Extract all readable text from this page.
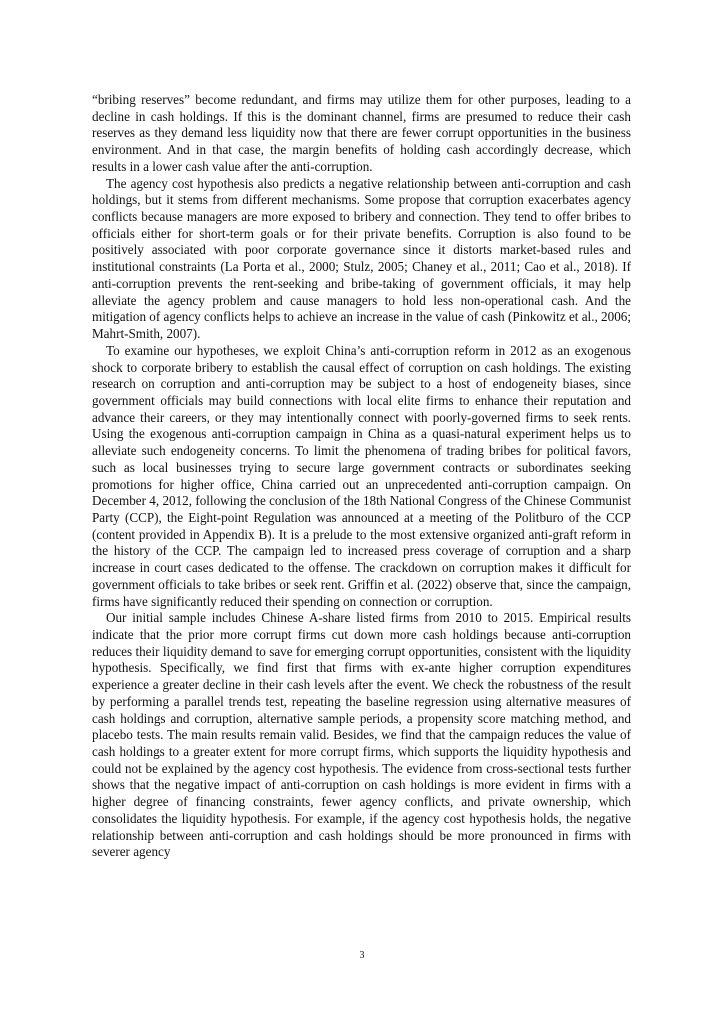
“bribing reserves” become redundant, and firms may utilize them for other purposes, leading to a decline in cash holdings. If this is the dominant channel, firms are presumed to reduce their cash reserves as they demand less liquidity now that there are fewer corrupt opportunities in the business environment. And in that case, the margin benefits of holding cash accordingly decrease, which results in a lower cash value after the anti-corruption.

The agency cost hypothesis also predicts a negative relationship between anti-corruption and cash holdings, but it stems from different mechanisms. Some propose that corruption exacerbates agency conflicts because managers are more exposed to bribery and connection. They tend to offer bribes to officials either for short-term goals or for their private benefits. Corruption is also found to be positively associated with poor corporate governance since it distorts market-based rules and institutional constraints (La Porta et al., 2000; Stulz, 2005; Chaney et al., 2011; Cao et al., 2018). If anti-corruption prevents the rent-seeking and bribe-taking of government officials, it may help alleviate the agency problem and cause managers to hold less non-operational cash. And the mitigation of agency conflicts helps to achieve an increase in the value of cash (Pinkowitz et al., 2006; Mahrt-Smith, 2007).

To examine our hypotheses, we exploit China’s anti-corruption reform in 2012 as an exogenous shock to corporate bribery to establish the causal effect of corruption on cash holdings. The existing research on corruption and anti-corruption may be subject to a host of endogeneity biases, since government officials may build connections with local elite firms to enhance their reputation and advance their careers, or they may intentionally connect with poorly-governed firms to seek rents. Using the exogenous anti-corruption campaign in China as a quasi-natural experiment helps us to alleviate such endogeneity concerns. To limit the phenomena of trading bribes for political favors, such as local businesses trying to secure large government contracts or subordinates seeking promotions for higher office, China carried out an unprecedented anti-corruption campaign. On December 4, 2012, following the conclusion of the 18th National Congress of the Chinese Communist Party (CCP), the Eight-point Regulation was announced at a meeting of the Politburo of the CCP (content provided in Appendix B). It is a prelude to the most extensive organized anti-graft reform in the history of the CCP. The campaign led to increased press coverage of corruption and a sharp increase in court cases dedicated to the offense. The crackdown on corruption makes it difficult for government officials to take bribes or seek rent. Griffin et al. (2022) observe that, since the campaign, firms have significantly reduced their spending on connection or corruption.

Our initial sample includes Chinese A-share listed firms from 2010 to 2015. Empirical results indicate that the prior more corrupt firms cut down more cash holdings because anti-corruption reduces their liquidity demand to save for emerging corrupt opportunities, consistent with the liquidity hypothesis. Specifically, we find first that firms with ex-ante higher corruption expenditures experience a greater decline in their cash levels after the event. We check the robustness of the result by performing a parallel trends test, repeating the baseline regression using alternative measures of cash holdings and corruption, alternative sample periods, a propensity score matching method, and placebo tests. The main results remain valid. Besides, we find that the campaign reduces the value of cash holdings to a greater extent for more corrupt firms, which supports the liquidity hypothesis and could not be explained by the agency cost hypothesis. The evidence from cross-sectional tests further shows that the negative impact of anti-corruption on cash holdings is more evident in firms with a higher degree of financing constraints, fewer agency conflicts, and private ownership, which consolidates the liquidity hypothesis. For example, if the agency cost hypothesis holds, the negative relationship between anti-corruption and cash holdings should be more pronounced in firms with severer agency

3
